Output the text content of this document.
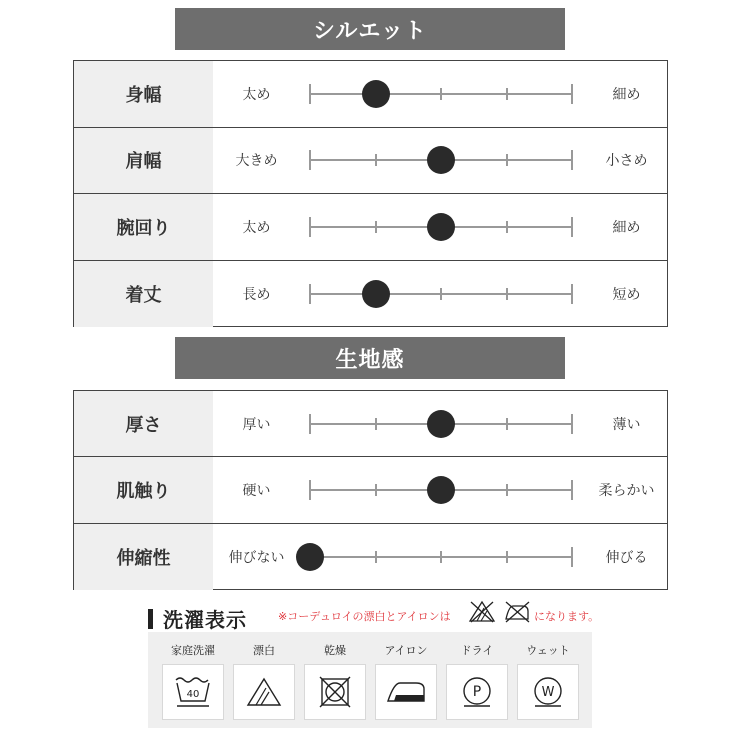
シルエット
身幅	太め	細め
肩幅	大きめ	小さめ
腕回り	太め	細め
着丈	長め	短め
生地感
厚さ	厚い	薄い
肌触り	硬い	柔らかい
伸縮性	伸びない	伸びる
洗濯表示	※コーデュロイの漂白とアイロンは	になります。
家庭洗濯
40
漂白	乾燥	アイロン	ドライ
P
ウェット
W
